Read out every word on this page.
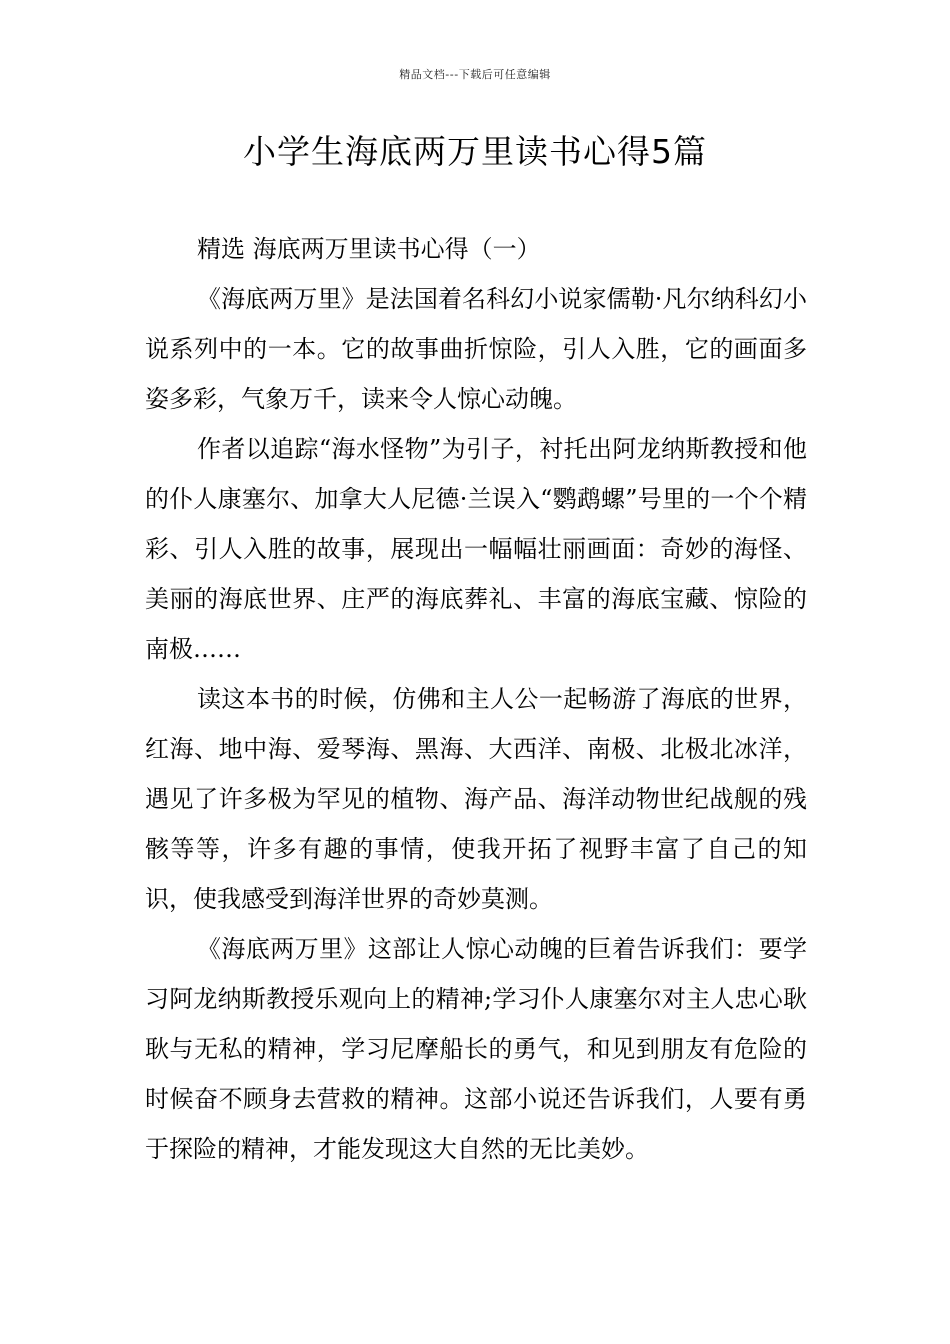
精品文档---下载后可任意编辑
小学生海底两万里读书心得5篇

精选 海底两万里读书心得（一）

《海底两万里》是法国着名科幻小说家儒勒·凡尔纳科幻小说系列中的一本。它的故事曲折惊险，引人入胜，它的画面多姿多彩，气象万千，读来令人惊心动魄。

作者以追踪“海水怪物”为引子，衬托出阿龙纳斯教授和他的仆人康塞尔、加拿大人尼德·兰误入“鹦鹉螺”号里的一个个精彩、引人入胜的故事，展现出一幅幅壮丽画面：奇妙的海怪、美丽的海底世界、庄严的海底葬礼、丰富的海底宝藏、惊险的南极……

读这本书的时候，仿佛和主人公一起畅游了海底的世界，红海、地中海、爱琴海、黑海、大西洋、南极、北极北冰洋，遇见了许多极为罕见的植物、海产品、海洋动物世纪战舰的残骸等等，许多有趣的事情，使我开拓了视野丰富了自己的知识，使我感受到海洋世界的奇妙莫测。

《海底两万里》这部让人惊心动魄的巨着告诉我们：要学习阿龙纳斯教授乐观向上的精神;学习仆人康塞尔对主人忠心耿耿与无私的精神，学习尼摩船长的勇气，和见到朋友有危险的时候奋不顾身去营救的精神。这部小说还告诉我们，人要有勇于探险的精神，才能发现这大自然的无比美妙。
